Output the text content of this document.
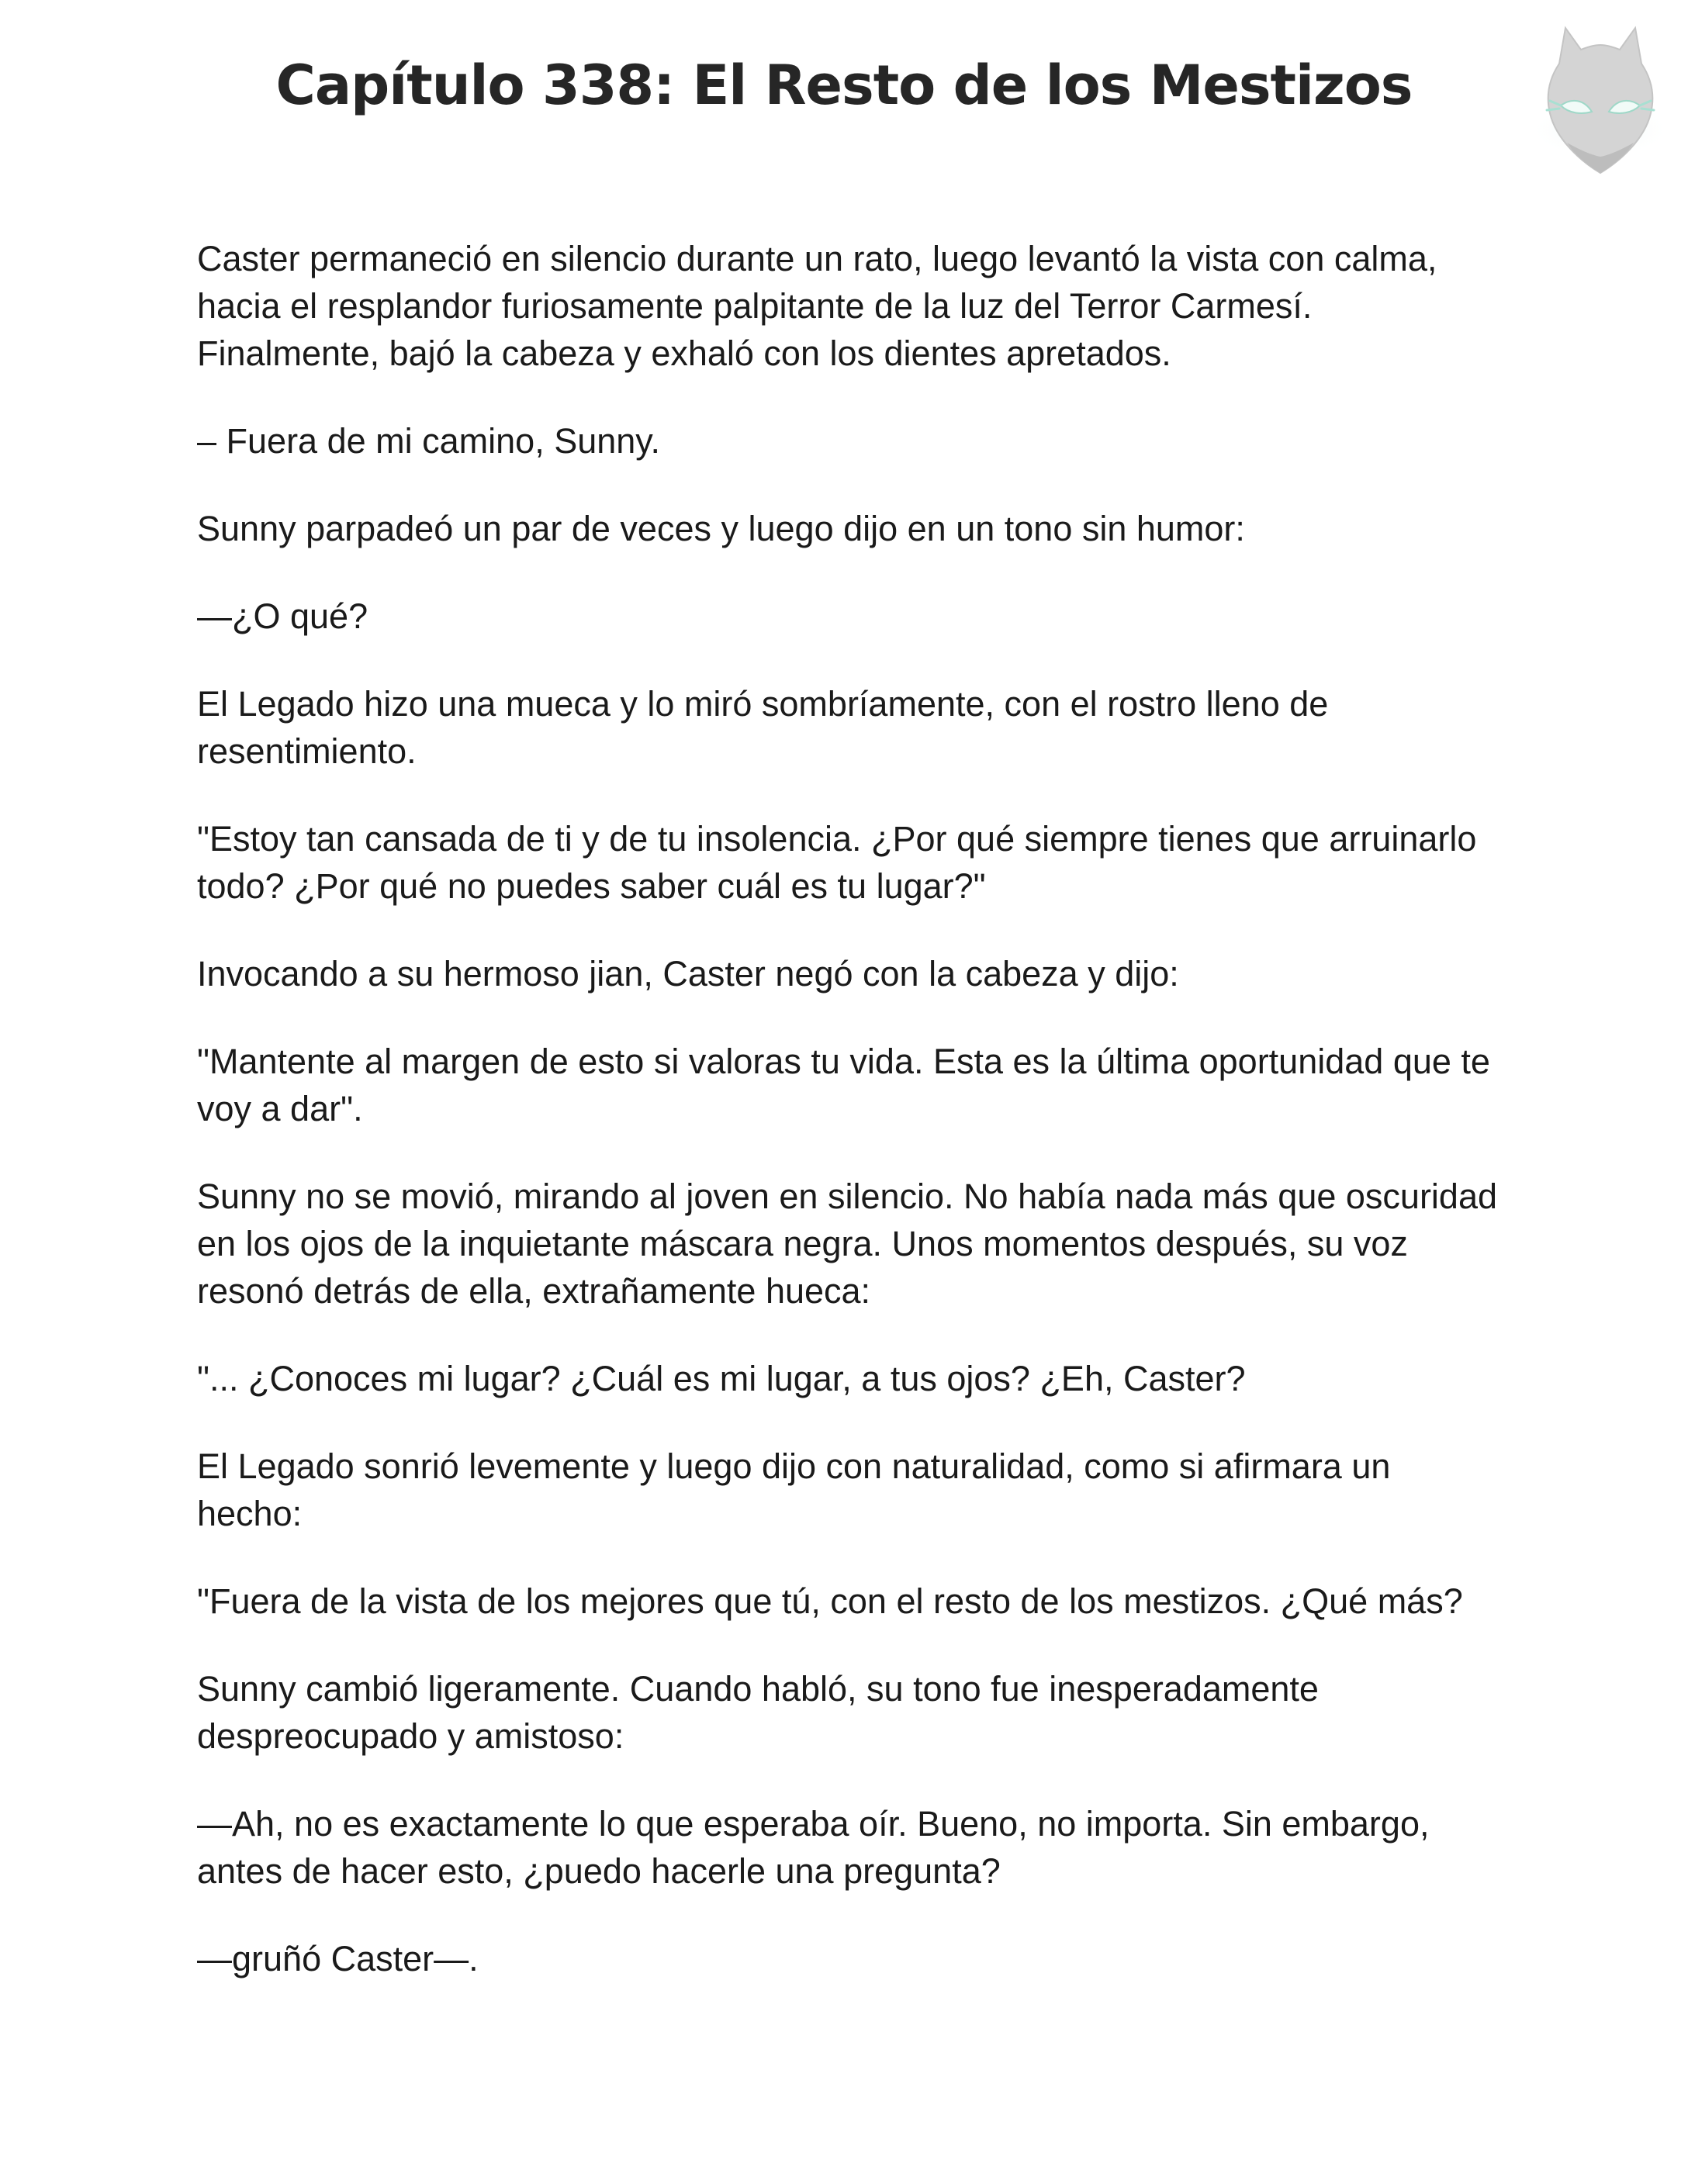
Capítulo 338: El Resto de los Mestizos

Caster permaneció en silencio durante un rato, luego levantó la vista con calma, hacia el resplandor furiosamente palpitante de la luz del Terror Carmesí. Finalmente, bajó la cabeza y exhaló con los dientes apretados.

– Fuera de mi camino, Sunny.

Sunny parpadeó un par de veces y luego dijo en un tono sin humor:

—¿O qué?

El Legado hizo una mueca y lo miró sombríamente, con el rostro lleno de resentimiento.

"Estoy tan cansada de ti y de tu insolencia. ¿Por qué siempre tienes que arruinarlo todo? ¿Por qué no puedes saber cuál es tu lugar?"

Invocando a su hermoso jian, Caster negó con la cabeza y dijo:

"Mantente al margen de esto si valoras tu vida. Esta es la última oportunidad que te voy a dar".

Sunny no se movió, mirando al joven en silencio. No había nada más que oscuridad en los ojos de la inquietante máscara negra. Unos momentos después, su voz resonó detrás de ella, extrañamente hueca:

"... ¿Conoces mi lugar? ¿Cuál es mi lugar, a tus ojos? ¿Eh, Caster?

El Legado sonrió levemente y luego dijo con naturalidad, como si afirmara un hecho:

"Fuera de la vista de los mejores que tú, con el resto de los mestizos. ¿Qué más?

Sunny cambió ligeramente. Cuando habló, su tono fue inesperadamente despreocupado y amistoso:

—Ah, no es exactamente lo que esperaba oír. Bueno, no importa. Sin embargo, antes de hacer esto, ¿puedo hacerle una pregunta?

—gruñó Caster—.
